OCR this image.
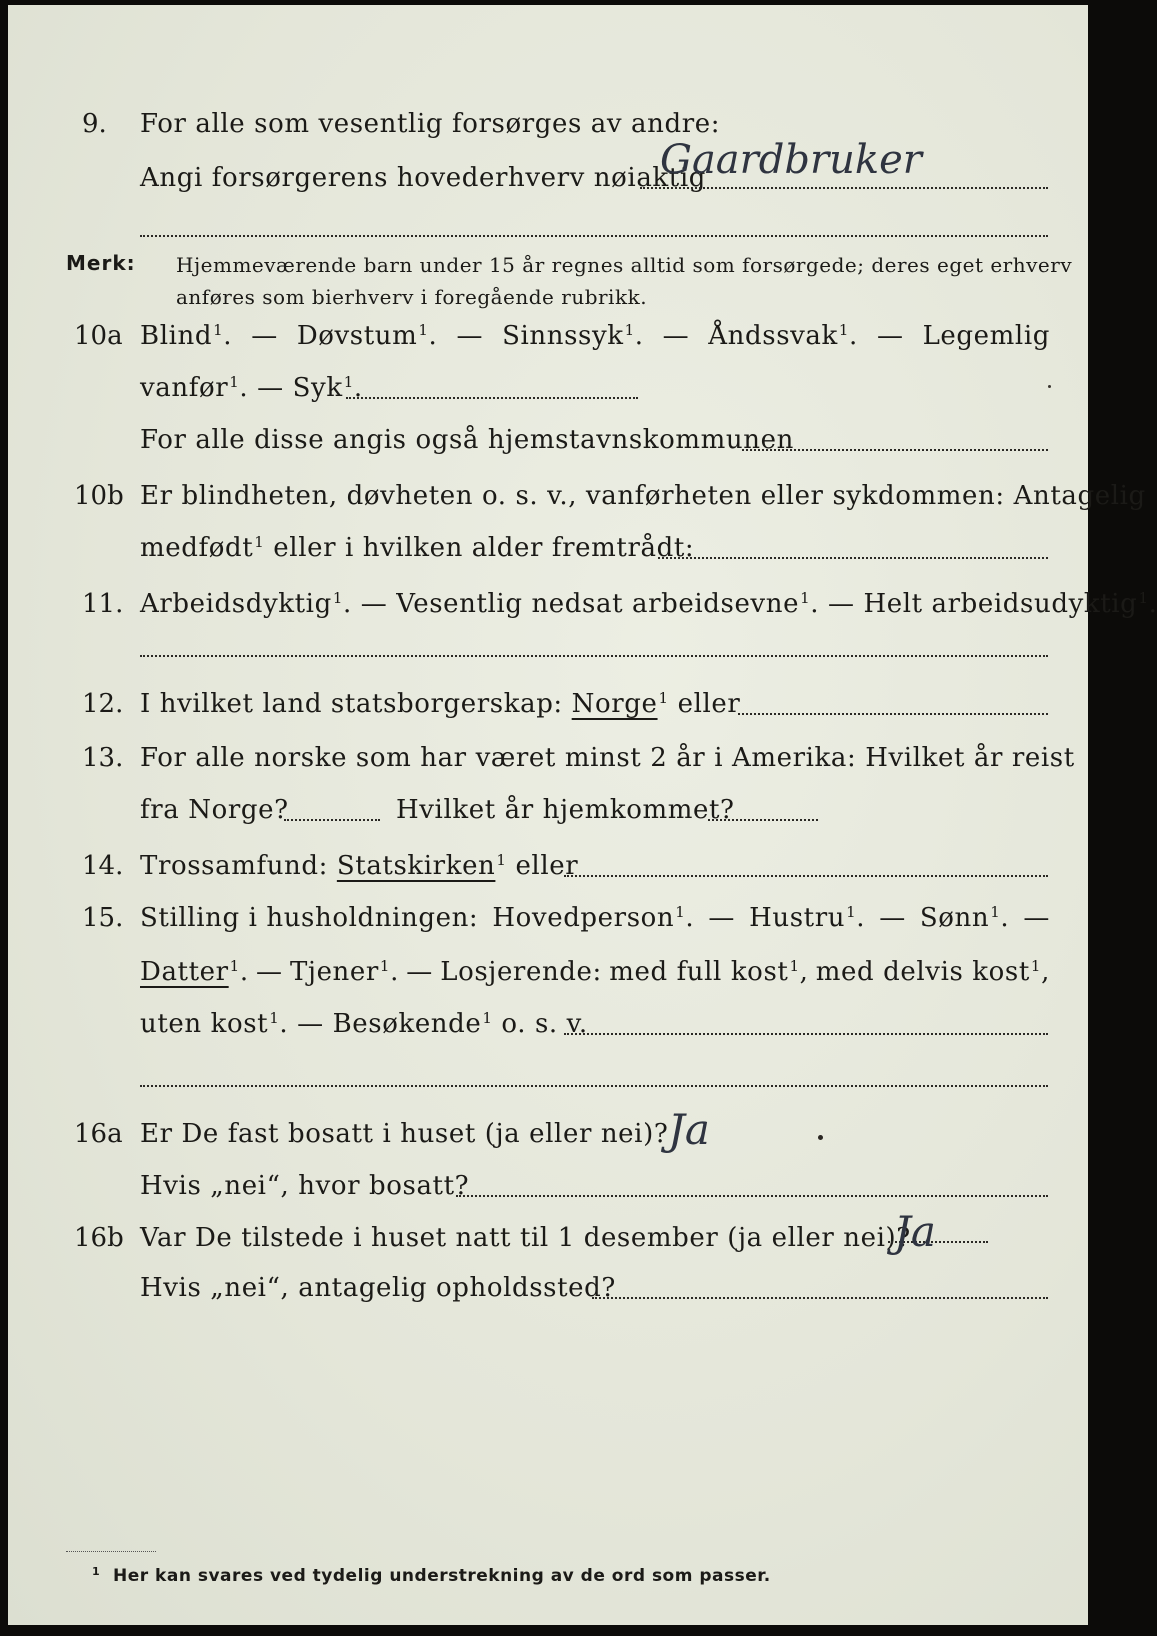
9. For alle som vesentlig forsørges av andre:
Angi forsørgerens hovederhverv nøiaktig
Gaardbruker
Merk: Hjemmeværende barn under 15 år regnes alltid som forsørgede; deres eget erhverv
anføres som bierhverv i foregående rubrikk.
10a Blind$^1$. — Døvstum$^1$. — Sinnssyk$^1$. — Åndssvak$^1$. — Legemlig
vanfør$^1$. — Syk$^1$.
For alle disse angis også hjemstavnskommunen
10b Er blindheten, døvheten o. s. v., vanførheten eller sykdommen: Antagelig
medfødt$^1$ eller i hvilken alder fremtrådt:
11. Arbeidsdyktig$^1$. — Vesentlig nedsat arbeidsevne$^1$. — Helt arbeidsudyktig$^1$.
12. I hvilket land statsborgerskap: Norge$^1$ eller
13. For alle norske som har været minst 2 år i Amerika: Hvilket år reist
fra Norge?	Hvilket år hjemkommet?
14. Trossamfund: Statskirken$^1$ eller
15. Stilling i husholdningen: Hovedperson$^1$. — Hustru$^1$. — Sønn$^1$. —
Datter$^1$. — Tjener$^1$. — Losjerende: med full kost$^1$, med delvis kost$^1$,
uten kost$^1$. — Besøkende$^1$ o. s. v.
16a Er De fast bosatt i huset (ja eller nei)? Ja
Hvis „nei“, hvor bosatt?
16b Var De tilstede i huset natt til 1 desember (ja eller nei)?
Ja
Hvis „nei“, antagelig opholdssted?
$^1$ Her kan svares ved tydelig understrekning av de ord som passer.
